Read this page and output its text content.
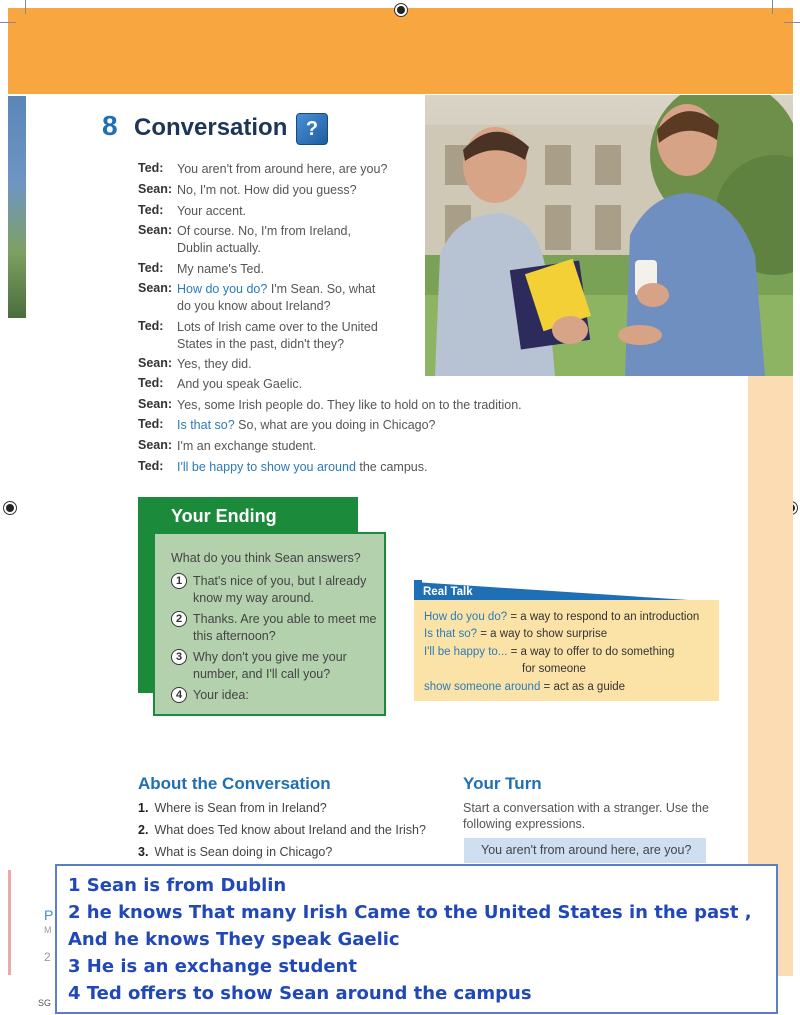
8 Conversation ?
Ted: You aren't from around here, are you?
Sean: No, I'm not. How did you guess?
Ted: Your accent.
Sean: Of course. No, I'm from Ireland, Dublin actually.
Ted: My name's Ted.
Sean: How do you do? I'm Sean. So, what do you know about Ireland?
Ted: Lots of Irish came over to the United States in the past, didn't they?
Sean: Yes, they did.
Ted: And you speak Gaelic.
Sean: Yes, some Irish people do. They like to hold on to the tradition.
Ted: Is that so? So, what are you doing in Chicago?
Sean: I'm an exchange student.
Ted: I'll be happy to show you around the campus.
Your Ending
What do you think Sean answers?
1 That's nice of you, but I already know my way around.
2 Thanks. Are you able to meet me this afternoon?
3 Why don't you give me your number, and I'll call you?
4 Your idea:
Real Talk
How do you do? = a way to respond to an introduction
Is that so? = a way to show surprise
I'll be happy to... = a way to offer to do something
for someone
show someone around = act as a guide
About the Conversation
1. Where is Sean from in Ireland?
2. What does Ted know about Ireland and the Irish?
3. What is Sean doing in Chicago?
Your Turn
Start a conversation with a stranger. Use the following expressions.
You aren't from around here, are you?
P
M
2
SG
1 Sean is from Dublin
2 he knows That many Irish Came to the United States in the past , And he knows They speak Gaelic
3 He is an exchange student
4 Ted offers to show Sean around the campus
